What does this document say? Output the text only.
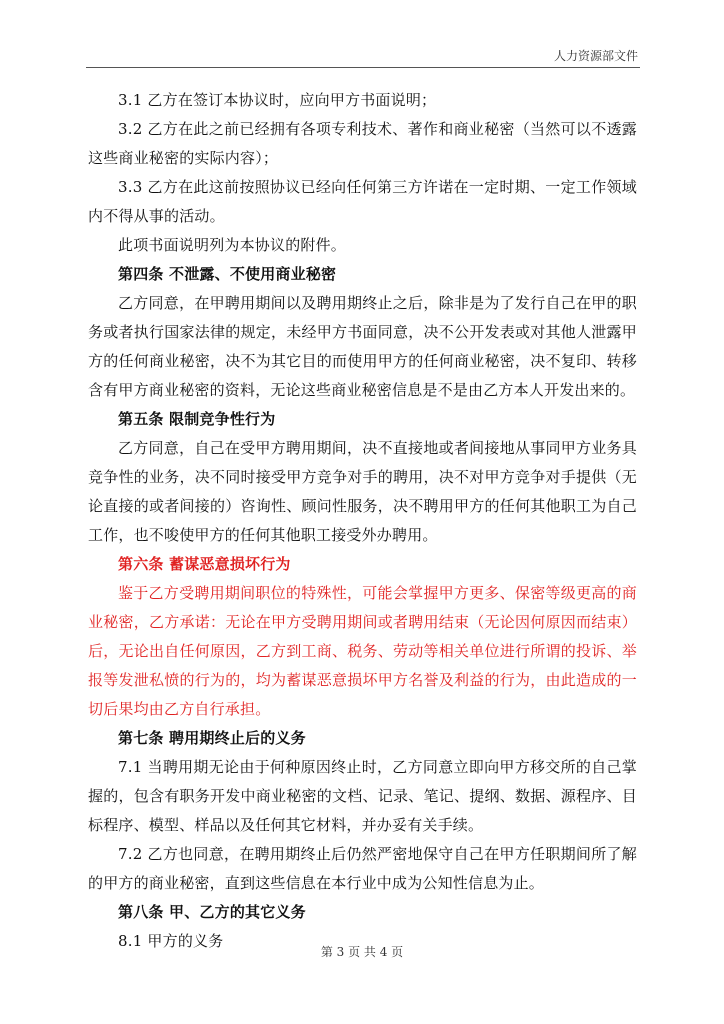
人力资源部文件

3.1 乙方在签订本协议时，应向甲方书面说明；

3.2 乙方在此之前已经拥有各项专利技术、著作和商业秘密（当然可以不透露这些商业秘密的实际内容）；

3.3 乙方在此这前按照协议已经向任何第三方许诺在一定时期、一定工作领域内不得从事的活动。

此项书面说明列为本协议的附件。

第四条 不泄露、不使用商业秘密

乙方同意，在甲聘用期间以及聘用期终止之后，除非是为了发行自己在甲的职务或者执行国家法律的规定，未经甲方书面同意，决不公开发表或对其他人泄露甲方的任何商业秘密，决不为其它目的而使用甲方的任何商业秘密，决不复印、转移含有甲方商业秘密的资料，无论这些商业秘密信息是不是由乙方本人开发出来的。

第五条 限制竞争性行为

乙方同意，自己在受甲方聘用期间，决不直接地或者间接地从事同甲方业务具竞争性的业务，决不同时接受甲方竞争对手的聘用，决不对甲方竞争对手提供（无论直接的或者间接的）咨询性、顾问性服务，决不聘用甲方的任何其他职工为自己工作，也不唆使甲方的任何其他职工接受外办聘用。

第六条 蓄谋恶意损坏行为

鉴于乙方受聘用期间职位的特殊性，可能会掌握甲方更多、保密等级更高的商业秘密，乙方承诺：无论在甲方受聘用期间或者聘用结束（无论因何原因而结束）后，无论出自任何原因，乙方到工商、税务、劳动等相关单位进行所谓的投诉、举报等发泄私愤的行为的，均为蓄谋恶意损坏甲方名誉及利益的行为，由此造成的一切后果均由乙方自行承担。

第七条 聘用期终止后的义务

7.1 当聘用期无论由于何种原因终止时，乙方同意立即向甲方移交所的自己掌握的，包含有职务开发中商业秘密的文档、记录、笔记、提纲、数据、源程序、目标程序、模型、样品以及任何其它材料，并办妥有关手续。

7.2 乙方也同意，在聘用期终止后仍然严密地保守自己在甲方任职期间所了解的甲方的商业秘密，直到这些信息在本行业中成为公知性信息为止。

第八条 甲、乙方的其它义务

8.1 甲方的义务

第 3 页 共 4 页
